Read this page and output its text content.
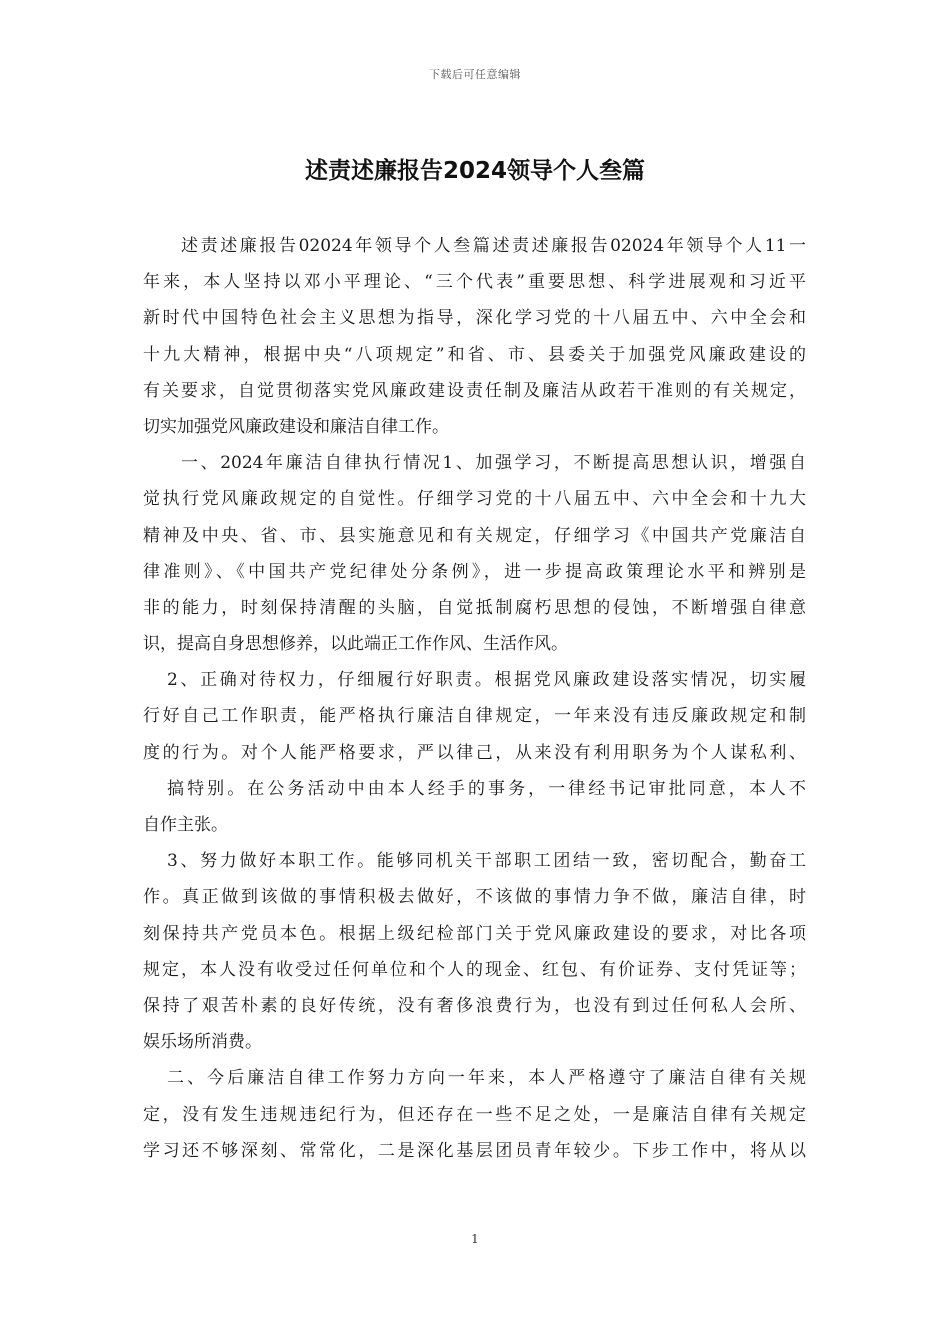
下载后可任意编辑
述责述廉报告2024领导个人叁篇
述责述廉报告02024年领导个人叁篇述责述廉报告02024年领导个人11一
年来，本人坚持以邓小平理论、“三个代表”重要思想、科学进展观和习近平
新时代中国特色社会主义思想为指导，深化学习党的十八届五中、六中全会和
十九大精神，根据中央“八项规定”和省、市、县委关于加强党风廉政建设的
有关要求，自觉贯彻落实党风廉政建设责任制及廉洁从政若干准则的有关规定，
切实加强党风廉政建设和廉洁自律工作。
一、2024年廉洁自律执行情况1、加强学习，不断提高思想认识，增强自
觉执行党风廉政规定的自觉性。仔细学习党的十八届五中、六中全会和十九大
精神及中央、省、市、县实施意见和有关规定，仔细学习《中国共产党廉洁自
律准则》、《中国共产党纪律处分条例》，进一步提高政策理论水平和辨别是
非的能力，时刻保持清醒的头脑，自觉抵制腐朽思想的侵蚀，不断增强自律意
识，提高自身思想修养，以此端正工作作风、生活作风。
2、正确对待权力，仔细履行好职责。根据党风廉政建设落实情况，切实履
行好自己工作职责，能严格执行廉洁自律规定，一年来没有违反廉政规定和制
度的行为。对个人能严格要求，严以律己，从来没有利用职务为个人谋私利、
搞特别。在公务活动中由本人经手的事务，一律经书记审批同意，本人不
自作主张。
3、努力做好本职工作。能够同机关干部职工团结一致，密切配合，勤奋工
作。真正做到该做的事情积极去做好，不该做的事情力争不做，廉洁自律，时
刻保持共产党员本色。根据上级纪检部门关于党风廉政建设的要求，对比各项
规定，本人没有收受过任何单位和个人的现金、红包、有价证券、支付凭证等；
保持了艰苦朴素的良好传统，没有奢侈浪费行为，也没有到过任何私人会所、
娱乐场所消费。
二、今后廉洁自律工作努力方向一年来，本人严格遵守了廉洁自律有关规
定，没有发生违规违纪行为，但还存在一些不足之处，一是廉洁自律有关规定
学习还不够深刻、常常化，二是深化基层团员青年较少。下步工作中，将从以
1
